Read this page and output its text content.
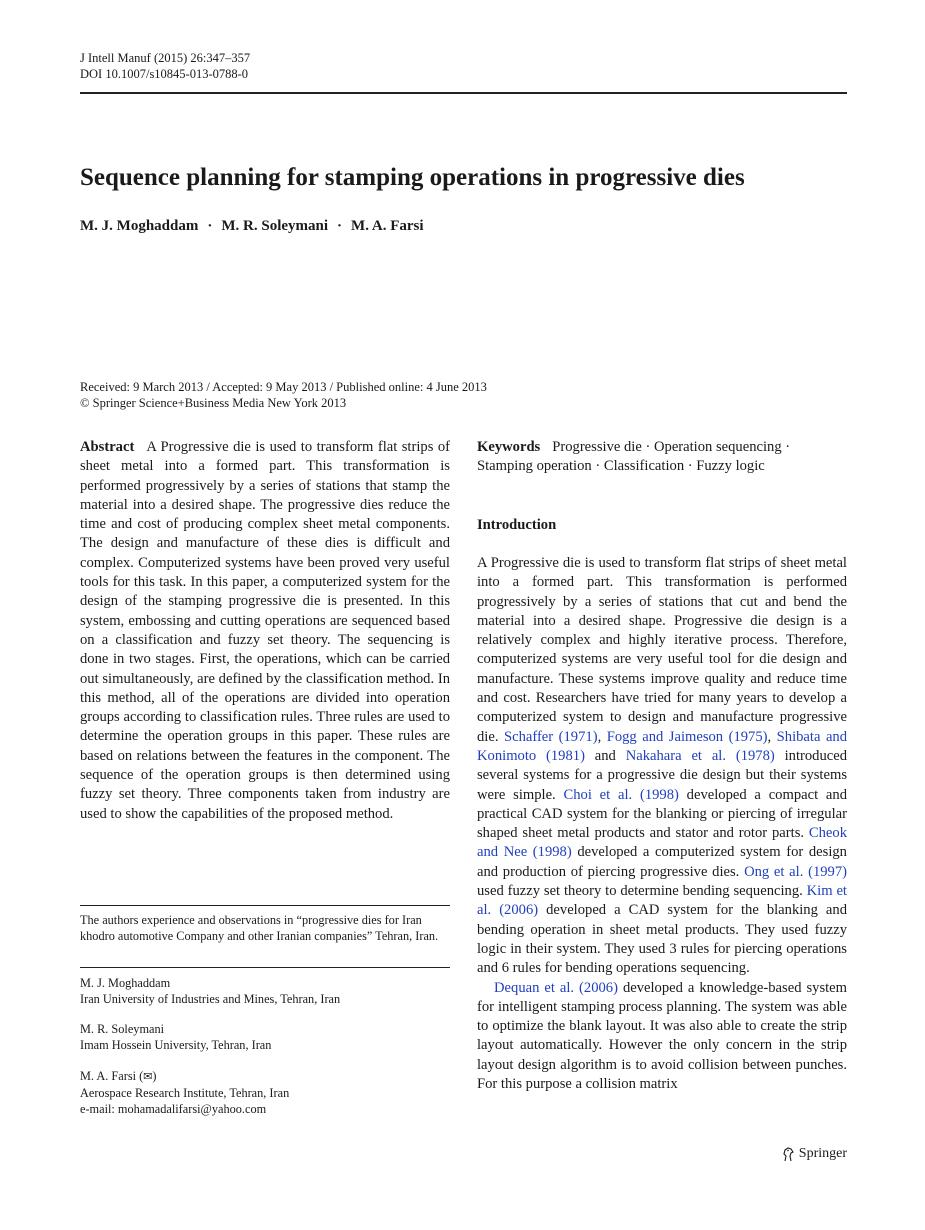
J Intell Manuf (2015) 26:347–357
DOI 10.1007/s10845-013-0788-0
Sequence planning for stamping operations in progressive dies
M. J. Moghaddam · M. R. Soleymani · M. A. Farsi
Received: 9 March 2013 / Accepted: 9 May 2013 / Published online: 4 June 2013
© Springer Science+Business Media New York 2013

Abstract A Progressive die is used to transform flat strips of sheet metal into a formed part. This transformation is performed progressively by a series of stations that stamp the material into a desired shape. The progressive dies reduce the time and cost of producing complex sheet metal components. The design and manufacture of these dies is difficult and complex. Computerized systems have been proved very useful tools for this task. In this paper, a computerized system for the design of the stamping progressive die is presented. In this system, embossing and cutting operations are sequenced based on a classification and fuzzy set theory. The sequencing is done in two stages. First, the operations, which can be carried out simultaneously, are defined by the classification method. In this method, all of the operations are divided into operation groups according to classification rules. Three rules are used to determine the operation groups in this paper. These rules are based on relations between the features in the component. The sequence of the operation groups is then determined using fuzzy set theory. Three components taken from industry are used to show the capabilities of the proposed method.

The authors experience and observations in “progressive dies for Iran khodro automotive Company and other Iranian companies” Tehran, Iran.
M. J. Moghaddam
Iran University of Industries and Mines, Tehran, Iran
M. R. Soleymani
Imam Hossein University, Tehran, Iran
M. A. Farsi (✉)
Aerospace Research Institute, Tehran, Iran
e-mail: mohamadalifarsi@yahoo.com

Keywords Progressive die · Operation sequencing · Stamping operation · Classification · Fuzzy logic

Introduction

A Progressive die is used to transform flat strips of sheet metal into a formed part. This transformation is performed progressively by a series of stations that cut and bend the material into a desired shape. Progressive die design is a relatively complex and highly iterative process. Therefore, computerized systems are very useful tool for die design and manufacture. These systems improve quality and reduce time and cost. Researchers have tried for many years to develop a computerized system to design and manufacture progressive die. Schaffer (1971), Fogg and Jaimeson (1975), Shibata and Konimoto (1981) and Nakahara et al. (1978) introduced several systems for a progressive die design but their systems were simple. Choi et al. (1998) developed a compact and practical CAD system for the blanking or piercing of irregular shaped sheet metal products and stator and rotor parts. Cheok and Nee (1998) developed a computerized system for design and production of piercing progressive dies. Ong et al. (1997) used fuzzy set theory to determine bending sequencing. Kim et al. (2006) developed a CAD system for the blanking and bending operation in sheet metal products. They used fuzzy logic in their system. They used 3 rules for piercing operations and 6 rules for bending operations sequencing.

Dequan et al. (2006) developed a knowledge-based system for intelligent stamping process planning. The system was able to optimize the blank layout. It was also able to create the strip layout automatically. However the only concern in the strip layout design algorithm is to avoid collision between punches. For this purpose a collision matrix

Springer
